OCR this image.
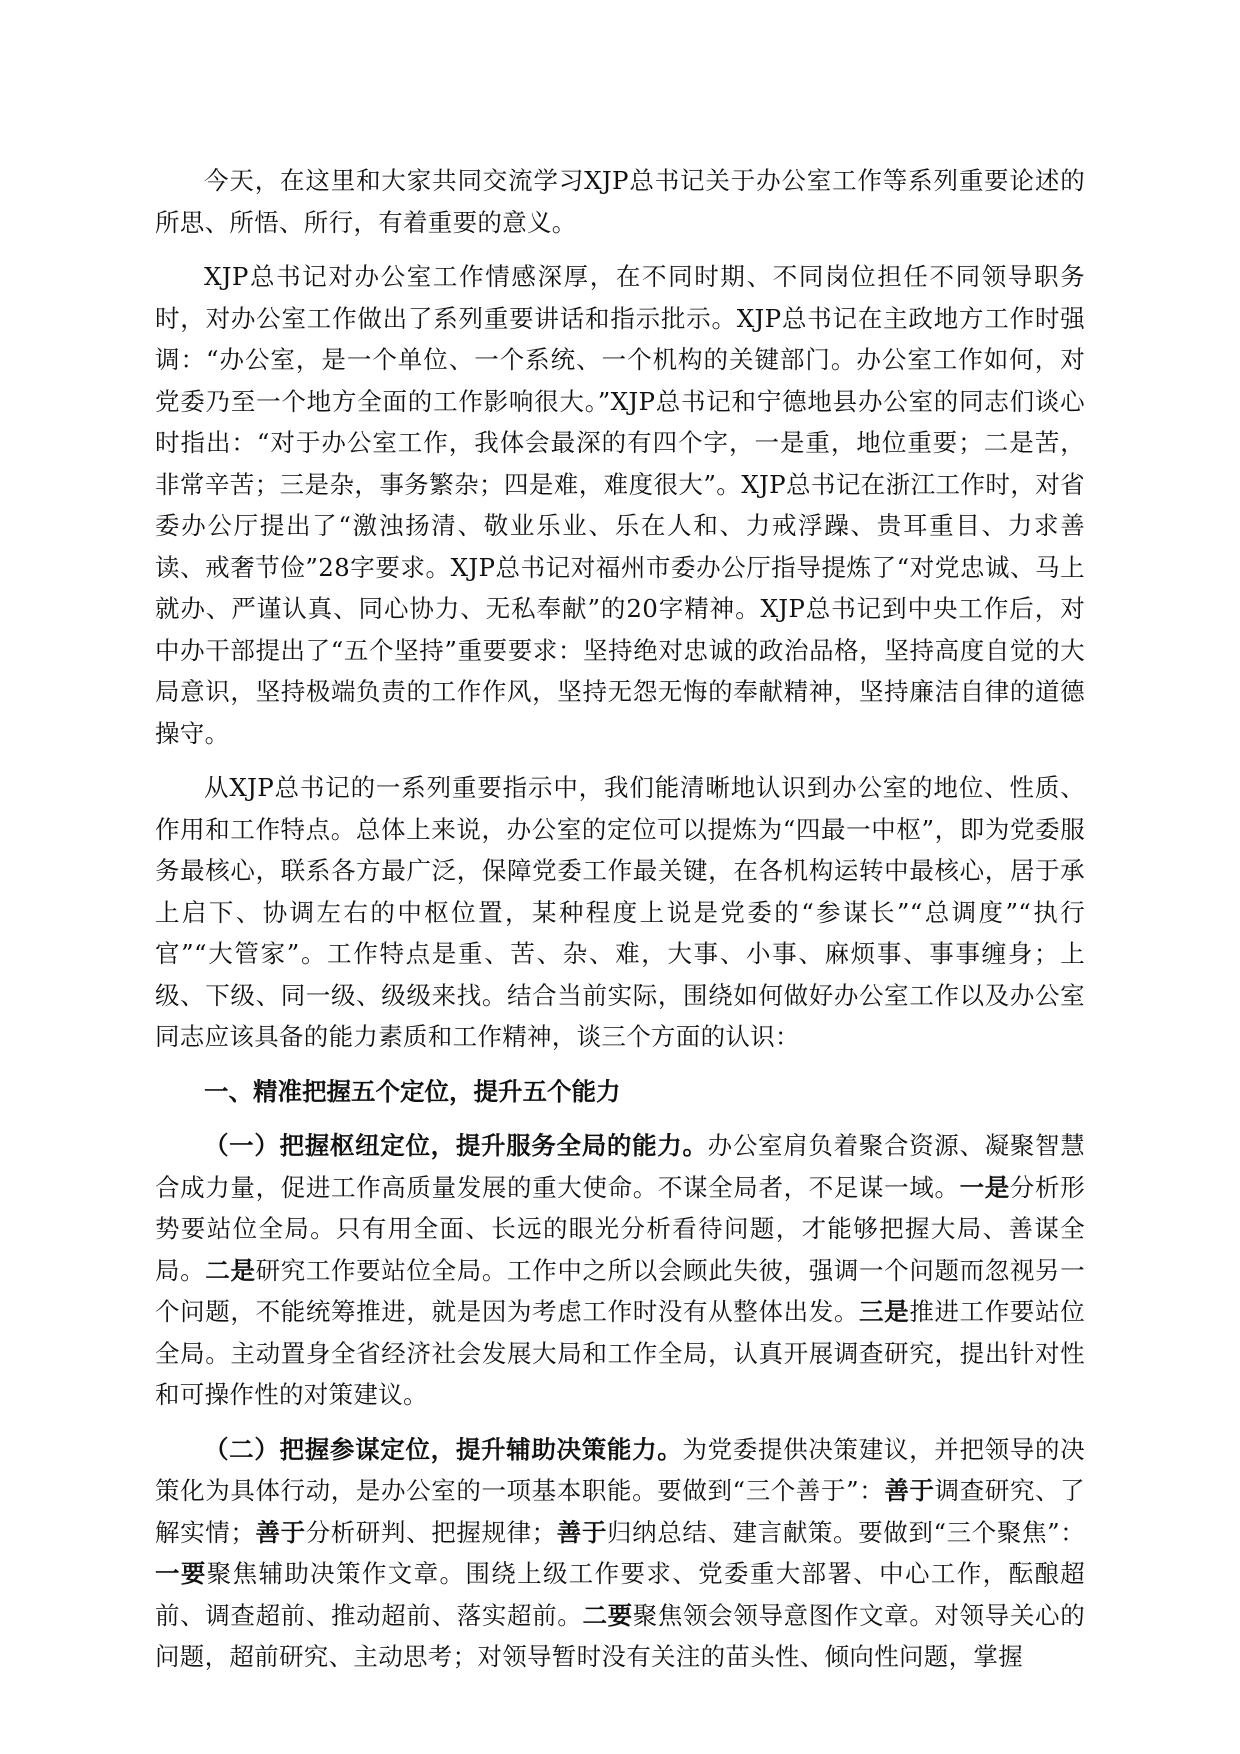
今天，在这里和大家共同交流学习XJP总书记关于办公室工作等系列重要论述的所思、所悟、所行，有着重要的意义。

XJP总书记对办公室工作情感深厚，在不同时期、不同岗位担任不同领导职务时，对办公室工作做出了系列重要讲话和指示批示。XJP总书记在主政地方工作时强调：“办公室，是一个单位、一个系统、一个机构的关键部门。办公室工作如何，对党委乃至一个地方全面的工作影响很大。”XJP总书记和宁德地县办公室的同志们谈心时指出：“对于办公室工作，我体会最深的有四个字，一是重，地位重要；二是苦，非常辛苦；三是杂，事务繁杂；四是难，难度很大”。XJP总书记在浙江工作时，对省委办公厅提出了“激浊扬清、敬业乐业、乐在人和、力戒浮躁、贵耳重目、力求善读、戒奢节俭”28字要求。XJP总书记对福州市委办公厅指导提炼了“对党忠诚、马上就办、严谨认真、同心协力、无私奉献”的20字精神。XJP总书记到中央工作后，对中办干部提出了“五个坚持”重要要求：坚持绝对忠诚的政治品格，坚持高度自觉的大局意识，坚持极端负责的工作作风，坚持无怨无悔的奉献精神，坚持廉洁自律的道德操守。

从XJP总书记的一系列重要指示中，我们能清晰地认识到办公室的地位、性质、作用和工作特点。总体上来说，办公室的定位可以提炼为“四最一中枢”，即为党委服务最核心，联系各方最广泛，保障党委工作最关键，在各机构运转中最核心，居于承上启下、协调左右的中枢位置，某种程度上说是党委的“参谋长”“总调度”“执行官”“大管家”。工作特点是重、苦、杂、难，大事、小事、麻烦事、事事缠身；上级、下级、同一级、级级来找。结合当前实际，围绕如何做好办公室工作以及办公室同志应该具备的能力素质和工作精神，谈三个方面的认识：

一、精准把握五个定位，提升五个能力

（一）把握枢纽定位，提升服务全局的能力。办公室肩负着聚合资源、凝聚智慧合成力量，促进工作高质量发展的重大使命。不谋全局者，不足谋一域。一是分析形势要站位全局。只有用全面、长远的眼光分析看待问题，才能够把握大局、善谋全局。二是研究工作要站位全局。工作中之所以会顾此失彼，强调一个问题而忽视另一个问题，不能统筹推进，就是因为考虑工作时没有从整体出发。三是推进工作要站位全局。主动置身全省经济社会发展大局和工作全局，认真开展调查研究，提出针对性和可操作性的对策建议。

（二）把握参谋定位，提升辅助决策能力。为党委提供决策建议，并把领导的决策化为具体行动，是办公室的一项基本职能。要做到“三个善于”：善于调查研究、了解实情；善于分析研判、把握规律；善于归纳总结、建言献策。要做到“三个聚焦”：一要聚焦辅助决策作文章。围绕上级工作要求、党委重大部署、中心工作，酝酿超前、调查超前、推动超前、落实超前。二要聚焦领会领导意图作文章。对领导关心的问题，超前研究、主动思考；对领导暂时没有关注的苗头性、倾向性问题，掌握
